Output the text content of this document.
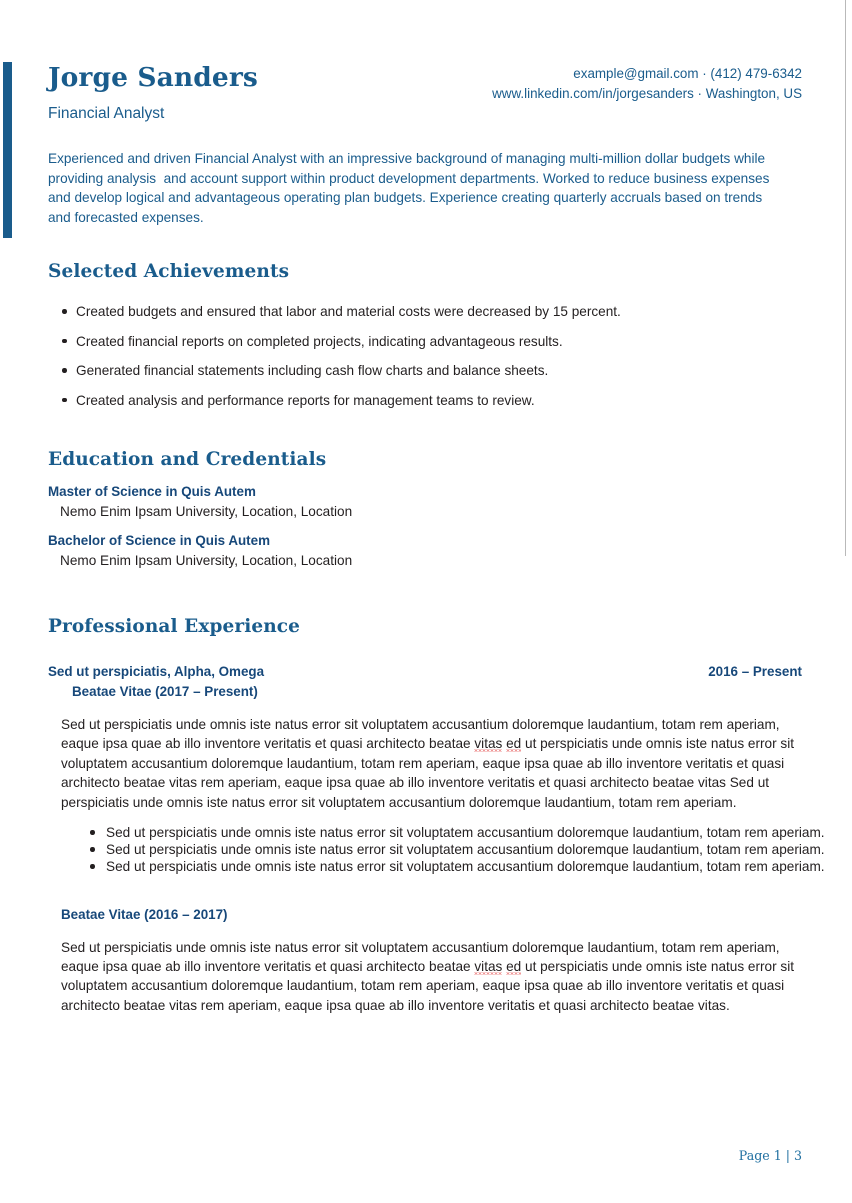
Jorge Sanders
Financial Analyst
example@gmail.com · (412) 479-6342
www.linkedin.com/in/jorgesanders · Washington, US
Experienced and driven Financial Analyst with an impressive background of managing multi-million dollar budgets while providing analysis  and account support within product development departments. Worked to reduce business expenses and develop logical and advantageous operating plan budgets. Experience creating quarterly accruals based on trends and forecasted expenses.
Selected Achievements
Created budgets and ensured that labor and material costs were decreased by 15 percent.
Created financial reports on completed projects, indicating advantageous results.
Generated financial statements including cash flow charts and balance sheets.
Created analysis and performance reports for management teams to review.
Education and Credentials
Master of Science in Quis Autem
Nemo Enim Ipsam University, Location, Location
Bachelor of Science in Quis Autem
Nemo Enim Ipsam University, Location, Location
Professional Experience
Sed ut perspiciatis, Alpha, Omega	2016 – Present
Beatae Vitae (2017 – Present)
Sed ut perspiciatis unde omnis iste natus error sit voluptatem accusantium doloremque laudantium, totam rem aperiam, eaque ipsa quae ab illo inventore veritatis et quasi architecto beatae vitas ed ut perspiciatis unde omnis iste natus error sit voluptatem accusantium doloremque laudantium, totam rem aperiam, eaque ipsa quae ab illo inventore veritatis et quasi architecto beatae vitas rem aperiam, eaque ipsa quae ab illo inventore veritatis et quasi architecto beatae vitas Sed ut perspiciatis unde omnis iste natus error sit voluptatem accusantium doloremque laudantium, totam rem aperiam.
Sed ut perspiciatis unde omnis iste natus error sit voluptatem accusantium doloremque laudantium, totam rem aperiam.
Sed ut perspiciatis unde omnis iste natus error sit voluptatem accusantium doloremque laudantium, totam rem aperiam.
Sed ut perspiciatis unde omnis iste natus error sit voluptatem accusantium doloremque laudantium, totam rem aperiam.
Beatae Vitae (2016 – 2017)
Sed ut perspiciatis unde omnis iste natus error sit voluptatem accusantium doloremque laudantium, totam rem aperiam, eaque ipsa quae ab illo inventore veritatis et quasi architecto beatae vitas ed ut perspiciatis unde omnis iste natus error sit voluptatem accusantium doloremque laudantium, totam rem aperiam, eaque ipsa quae ab illo inventore veritatis et quasi architecto beatae vitas rem aperiam, eaque ipsa quae ab illo inventore veritatis et quasi architecto beatae vitas.
Page 1 | 3
